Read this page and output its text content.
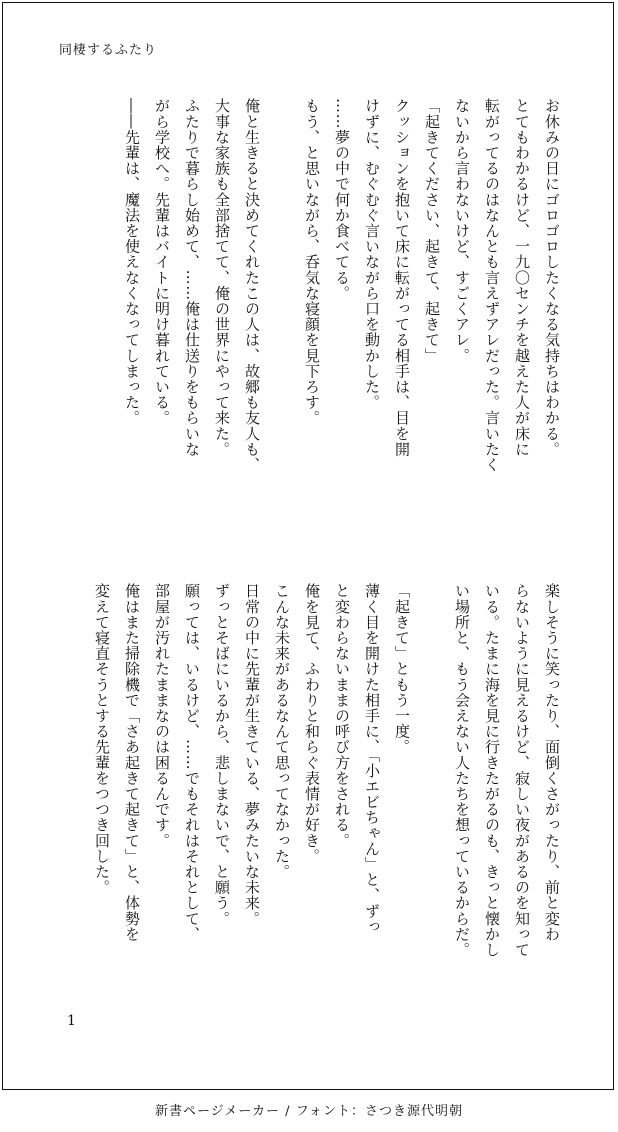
同棲するふたり
お休みの日にゴロゴロしたくなる気持ちはわかる。
とてもわかるけど、一九〇センチを越えた人が床に
転がってるのはなんとも言えずアレだった。言いたく
ないから言わないけど、すごくアレ。
「起きてください、起きて、起きて」
クッションを抱いて床に転がってる相手は、目を開
けずに、むぐむぐ言いながら口を動かした。
……夢の中で何か食べてる。
もう、と思いながら、呑気な寝顔を見下ろす。
俺と生きると決めてくれたこの人は、故郷も友人も、
大事な家族も全部捨てて、俺の世界にやって来た。
ふたりで暮らし始めて、……俺は仕送りをもらいな
がら学校へ。先輩はバイトに明け暮れている。
――先輩は、魔法を使えなくなってしまった。
楽しそうに笑ったり、面倒くさがったり、前と変わ
らないように見えるけど、寂しい夜があるのを知って
いる。たまに海を見に行きたがるのも、きっと懐かし
い場所と、もう会えない人たちを想っているからだ。
「起きて」ともう一度。
薄く目を開けた相手に、「小エビちゃん」と、ずっ
と変わらないままの呼び方をされる。
俺を見て、ふわりと和らぐ表情が好き。
こんな未来があるなんて思ってなかった。
日常の中に先輩が生きている、夢みたいな未来。
ずっとそばにいるから、悲しまないで、と願う。
願っては、いるけど、……でもそれはそれとして、
部屋が汚れたままなのは困るんです。
俺はまた掃除機で「さあ起きて起きて」と、体勢を
変えて寝直そうとする先輩をつつき回した。
1
新書ページメーカー / フォント：さつき源代明朝
